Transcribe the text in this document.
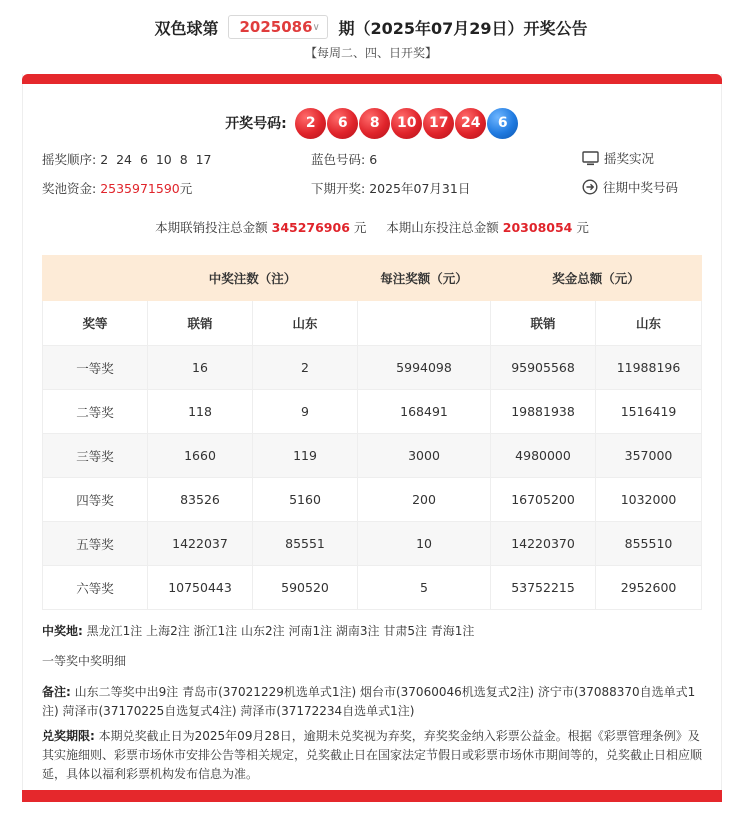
双色球第 2025086 ∨ 期（2025年07月29日）开奖公告
【每周二、四、日开奖】
开奖号码:	2	6	8	10 17 24	6
摇奖顺序: 2  24  6  10  8  17	蓝色号码: 6	摇奖实况
奖池资金: 2535971590元	下期开奖: 2025年07月31日	往期中奖号码
本期联销投注总金额 345276906 元 本期山东投注总金额 20308054 元
	中奖注数（注）		每注奖额（元）	奖金总额（元）	
奖等	联销	山东		联销	山东
一等奖	16	2	5994098	95905568	11988196
二等奖	118	9	168491	19881938	1516419
三等奖	1660	119	3000	4980000	357000
四等奖	83526	5160	200	16705200	1032000
五等奖	1422037	85551	10	14220370	855510
六等奖	10750443	590520	5	53752215	2952600
中奖地: 黑龙江1注 上海2注 浙江1注 山东2注 河南1注 湖南3注 甘肃5注 青海1注
一等奖中奖明细
备注: 山东二等奖中出9注 青岛市(37021229机选单式1注) 烟台市(37060046机选复式2注) 济宁市(37088370自选单式1注) 菏泽市(37170225自选复式4注) 菏泽市(37172234自选单式1注)
兑奖期限: 本期兑奖截止日为2025年09月28日，逾期未兑奖视为弃奖，弃奖奖金纳入彩票公益金。根据《彩票管理条例》及其实施细则、彩票市场休市安排公告等相关规定，兑奖截止日在国家法定节假日或彩票市场休市期间等的，兑奖截止日相应顺延，具体以福利彩票机构发布信息为准。
